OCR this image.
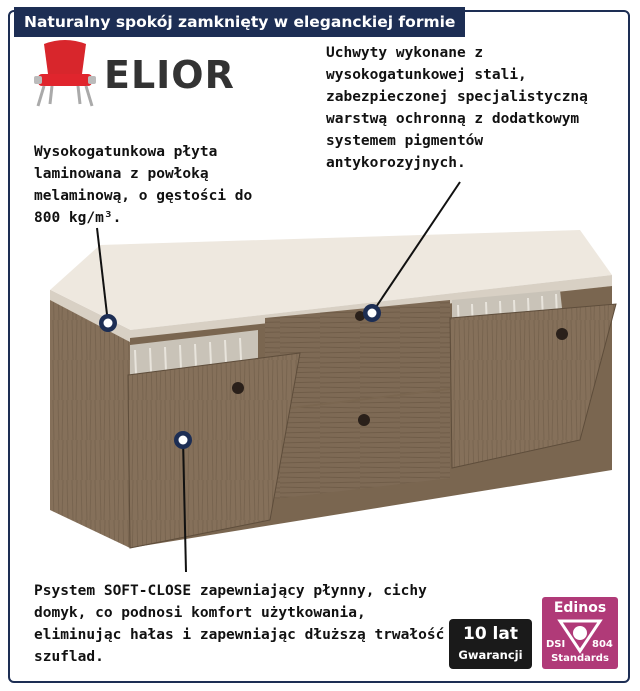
Naturalny spokój zamknięty w eleganckiej formie
ELIOR	Uchwyty wykonane z wysokogatunkowej stali, zabezpieczonej specjalistyczną warstwą ochronną z dodatkowym systemem pigmentów antykorozyjnych.
Wysokogatunkowa płyta laminowana z powłoką melaminową, o gęstości do 800 kg/m³.
Psystem SOFT-CLOSE zapewniający płynny, cichy domyk, co podnosi komfort użytkowania, eliminując hałas i zapewniając dłuższą trwałość szuflad.
10 lat
Gwarancji
Edinos
DSI	804
Standards
